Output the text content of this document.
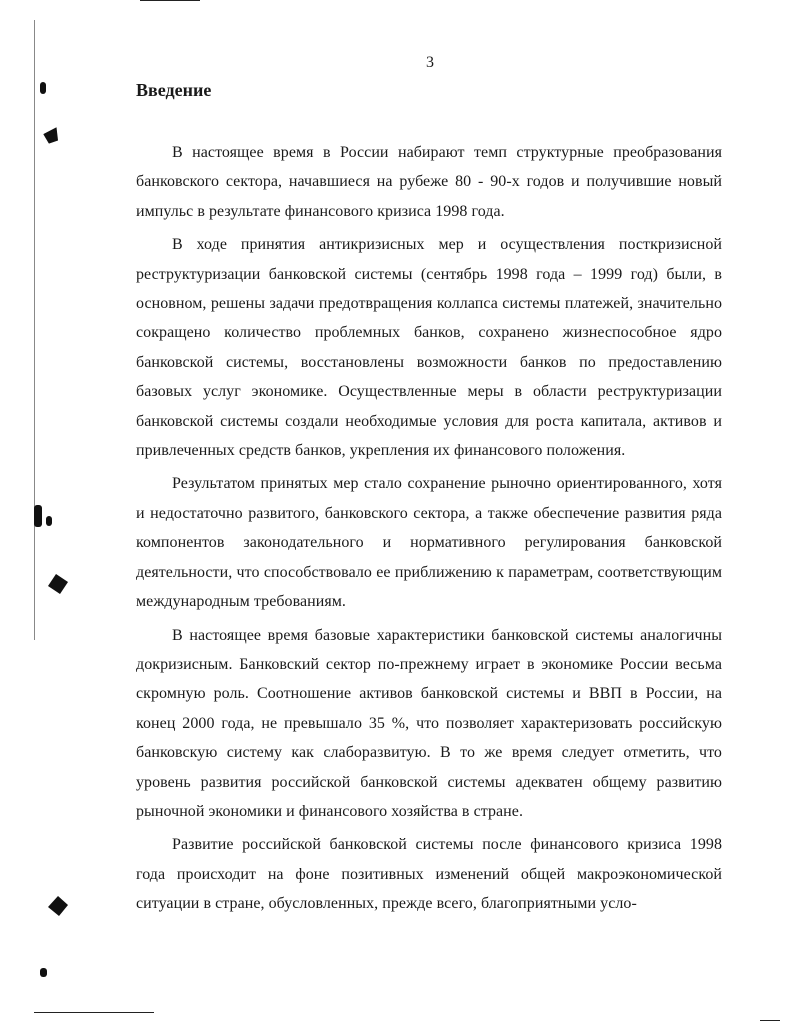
3
Введение

В настоящее время в России набирают темп структурные преобразования банковского сектора, начавшиеся на рубеже 80 - 90-х годов и получившие новый импульс в результате финансового кризиса 1998 года.

В ходе принятия антикризисных мер и осуществления посткризисной реструктуризации банковской системы (сентябрь 1998 года – 1999 год) были, в основном, решены задачи предотвращения коллапса системы платежей, значительно сокращено количество проблемных банков, сохранено жизнеспособное ядро банковской системы, восстановлены возможности банков по предоставлению базовых услуг экономике. Осуществленные меры в области реструктуризации банковской системы создали необходимые условия для роста капитала, активов и привлеченных средств банков, укрепления их финансового положения.

Результатом принятых мер стало сохранение рыночно ориентированного, хотя и недостаточно развитого, банковского сектора, а также обеспечение развития ряда компонентов законодательного и нормативного регулирования банковской деятельности, что способствовало ее приближению к параметрам, соответствующим международным требованиям.

В настоящее время базовые характеристики банковской системы аналогичны докризисным. Банковский сектор по-прежнему играет в экономике России весьма скромную роль. Соотношение активов банковской системы и ВВП в России, на конец 2000 года, не превышало 35 %, что позволяет характеризовать российскую банковскую систему как слаборазвитую. В то же время следует отметить, что уровень развития российской банковской системы адекватен общему развитию рыночной экономики и финансового хозяйства в стране.

Развитие российской банковской системы после финансового кризиса 1998 года происходит на фоне позитивных изменений общей макроэкономической ситуации в стране, обусловленных, прежде всего, благоприятными усло-
